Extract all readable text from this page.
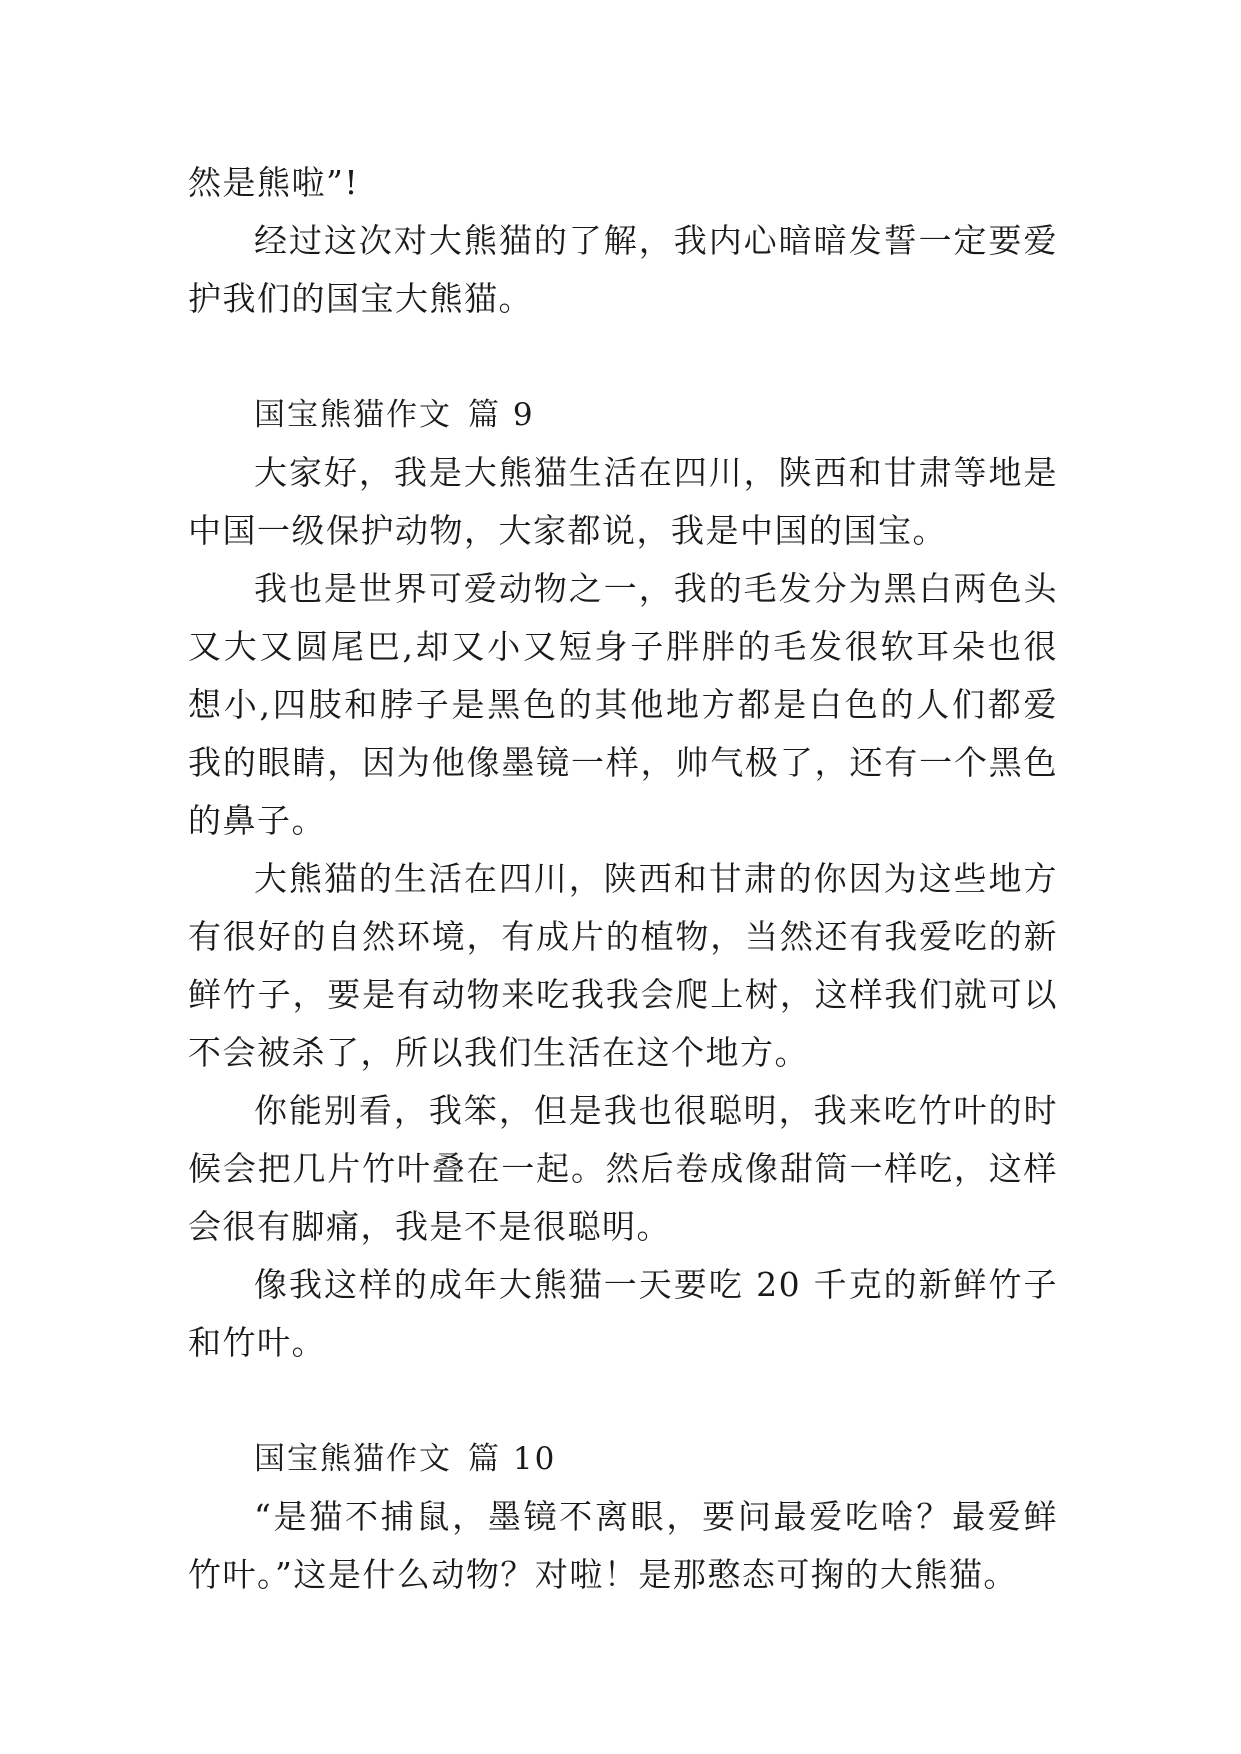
然是熊啦”!

经过这次对大熊猫的了解，我内心暗暗发誓一定要爱护我们的国宝大熊猫。

国宝熊猫作文 篇 9

大家好，我是大熊猫生活在四川，陕西和甘肃等地是中国一级保护动物，大家都说，我是中国的国宝。

我也是世界可爱动物之一，我的毛发分为黑白两色头又大又圆尾巴,却又小又短身子胖胖的毛发很软耳朵也很想小,四肢和脖子是黑色的其他地方都是白色的人们都爱我的眼睛，因为他像墨镜一样，帅气极了，还有一个黑色的鼻子。

大熊猫的生活在四川，陕西和甘肃的你因为这些地方有很好的自然环境，有成片的植物，当然还有我爱吃的新鲜竹子，要是有动物来吃我我会爬上树，这样我们就可以不会被杀了，所以我们生活在这个地方。

你能别看，我笨，但是我也很聪明，我来吃竹叶的时候会把几片竹叶叠在一起。然后卷成像甜筒一样吃，这样会很有脚痛，我是不是很聪明。

像我这样的成年大熊猫一天要吃 20 千克的新鲜竹子和竹叶。

国宝熊猫作文 篇 10

“是猫不捕鼠，墨镜不离眼，要问最爱吃啥？最爱鲜竹叶。”这是什么动物？对啦！是那憨态可掬的大熊猫。
